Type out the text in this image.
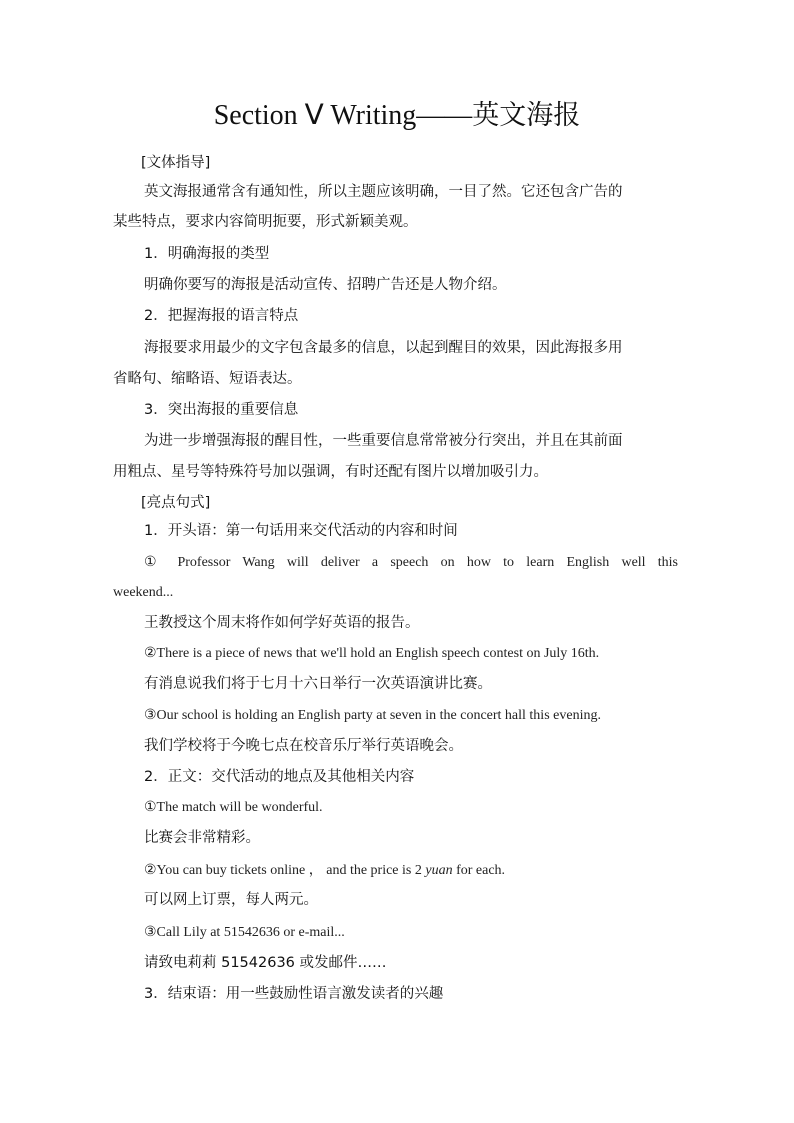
Section Ⅴ Writing——英文海报
[文体指导]
英文海报通常含有通知性，所以主题应该明确，一目了然。它还包含广告的
某些特点，要求内容简明扼要，形式新颖美观。
1．明确海报的类型
明确你要写的海报是活动宣传、招聘广告还是人物介绍。
2．把握海报的语言特点
海报要求用最少的文字包含最多的信息，以起到醒目的效果，因此海报多用
省略句、缩略语、短语表达。
3．突出海报的重要信息
为进一步增强海报的醒目性，一些重要信息常常被分行突出，并且在其前面
用粗点、星号等特殊符号加以强调，有时还配有图片以增加吸引力。
[亮点句式]
1．开头语：第一句话用来交代活动的内容和时间
① Professor Wang will deliver a speech on how to learn English well this
weekend...
王教授这个周末将作如何学好英语的报告。
②There is a piece of news that we'll hold an English speech contest on July 16th.
有消息说我们将于七月十六日举行一次英语演讲比赛。
③Our school is holding an English party at seven in the concert hall this evening.
我们学校将于今晚七点在校音乐厅举行英语晚会。
2．正文：交代活动的地点及其他相关内容
①The match will be wonderful.
比赛会非常精彩。
②You can buy tickets online ， and the price is 2 yuan for each.
可以网上订票，每人两元。
③Call Lily at 51542636 or e-mail...
请致电莉莉 51542636 或发邮件……
3．结束语：用一些鼓励性语言激发读者的兴趣
